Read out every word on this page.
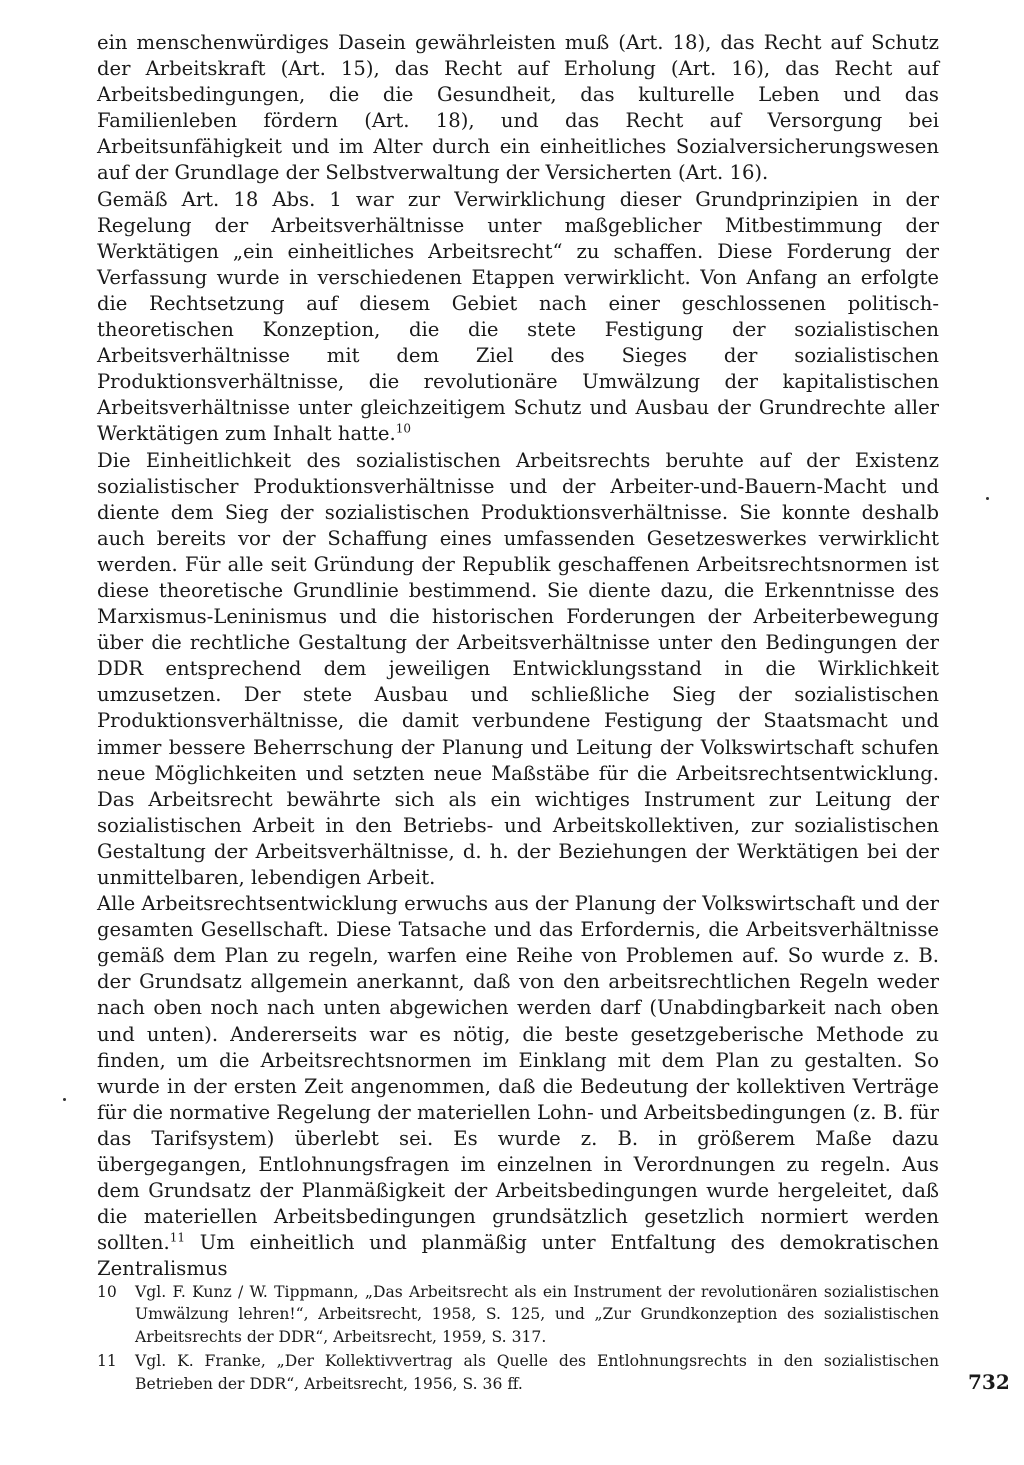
ein menschenwürdiges Dasein gewährleisten muß (Art. 18), das Recht auf Schutz der Arbeitskraft (Art. 15), das Recht auf Erholung (Art. 16), das Recht auf Arbeitsbedingungen, die die Gesundheit, das kulturelle Leben und das Familienleben fördern (Art. 18), und das Recht auf Versorgung bei Arbeitsunfähigkeit und im Alter durch ein einheitliches Sozialversicherungswesen auf der Grundlage der Selbstverwaltung der Versicherten (Art. 16).

Gemäß Art. 18 Abs. 1 war zur Verwirklichung dieser Grundprinzipien in der Regelung der Arbeitsverhältnisse unter maßgeblicher Mitbestimmung der Werktätigen „ein einheitliches Arbeitsrecht“ zu schaffen. Diese Forderung der Verfassung wurde in verschiedenen Etappen verwirklicht. Von Anfang an erfolgte die Rechtsetzung auf diesem Gebiet nach einer geschlossenen politisch-theoretischen Konzeption, die die stete Festigung der sozialistischen Arbeitsverhältnisse mit dem Ziel des Sieges der sozialistischen Produktionsverhältnisse, die revolutionäre Umwälzung der kapitalistischen Arbeitsverhältnisse unter gleichzeitigem Schutz und Ausbau der Grundrechte aller Werktätigen zum Inhalt hatte.$^{10}$

Die Einheitlichkeit des sozialistischen Arbeitsrechts beruhte auf der Existenz sozialistischer Produktionsverhältnisse und der Arbeiter-und-Bauern-Macht und diente dem Sieg der sozialistischen Produktionsverhältnisse. Sie konnte deshalb auch bereits vor der Schaffung eines umfassenden Gesetzeswerkes verwirklicht werden. Für alle seit Gründung der Republik geschaffenen Arbeitsrechtsnormen ist diese theoretische Grundlinie bestimmend. Sie diente dazu, die Erkenntnisse des Marxismus-Leninismus und die historischen Forderungen der Arbeiterbewegung über die rechtliche Gestaltung der Arbeitsverhältnisse unter den Bedingungen der DDR entsprechend dem jeweiligen Entwicklungsstand in die Wirklichkeit umzusetzen. Der stete Ausbau und schließliche Sieg der sozialistischen Produktionsverhältnisse, die damit verbundene Festigung der Staatsmacht und immer bessere Beherrschung der Planung und Leitung der Volkswirtschaft schufen neue Möglichkeiten und setzten neue Maßstäbe für die Arbeitsrechtsentwicklung. Das Arbeitsrecht bewährte sich als ein wichtiges Instrument zur Leitung der sozialistischen Arbeit in den Betriebs- und Arbeitskollektiven, zur sozialistischen Gestaltung der Arbeitsverhältnisse, d. h. der Beziehungen der Werktätigen bei der unmittelbaren, lebendigen Arbeit.

Alle Arbeitsrechtsentwicklung erwuchs aus der Planung der Volkswirtschaft und der gesamten Gesellschaft. Diese Tatsache und das Erfordernis, die Arbeitsverhältnisse gemäß dem Plan zu regeln, warfen eine Reihe von Problemen auf. So wurde z. B. der Grundsatz allgemein anerkannt, daß von den arbeitsrechtlichen Regeln weder nach oben noch nach unten abgewichen werden darf (Unabdingbarkeit nach oben und unten). Andererseits war es nötig, die beste gesetzgeberische Methode zu finden, um die Arbeitsrechtsnormen im Einklang mit dem Plan zu gestalten. So wurde in der ersten Zeit angenommen, daß die Bedeutung der kollektiven Verträge für die normative Regelung der materiellen Lohn- und Arbeitsbedingungen (z. B. für das Tarifsystem) überlebt sei. Es wurde z. B. in größerem Maße dazu übergegangen, Entlohnungsfragen im einzelnen in Verordnungen zu regeln. Aus dem Grundsatz der Planmäßigkeit der Arbeitsbedingungen wurde hergeleitet, daß die materiellen Arbeitsbedingungen grundsätzlich gesetzlich normiert werden sollten.$^{11}$ Um einheitlich und planmäßig unter Entfaltung des demokratischen Zentralismus

10 Vgl. F. Kunz / W. Tippmann, „Das Arbeitsrecht als ein Instrument der revolutionären sozialistischen Umwälzung lehren!“, Arbeitsrecht, 1958, S. 125, und „Zur Grundkonzeption des sozialistischen Arbeitsrechts der DDR“, Arbeitsrecht, 1959, S. 317.

11 Vgl. K. Franke, „Der Kollektivvertrag als Quelle des Entlohnungsrechts in den sozialistischen Betrieben der DDR“, Arbeitsrecht, 1956, S. 36 ff.	732
